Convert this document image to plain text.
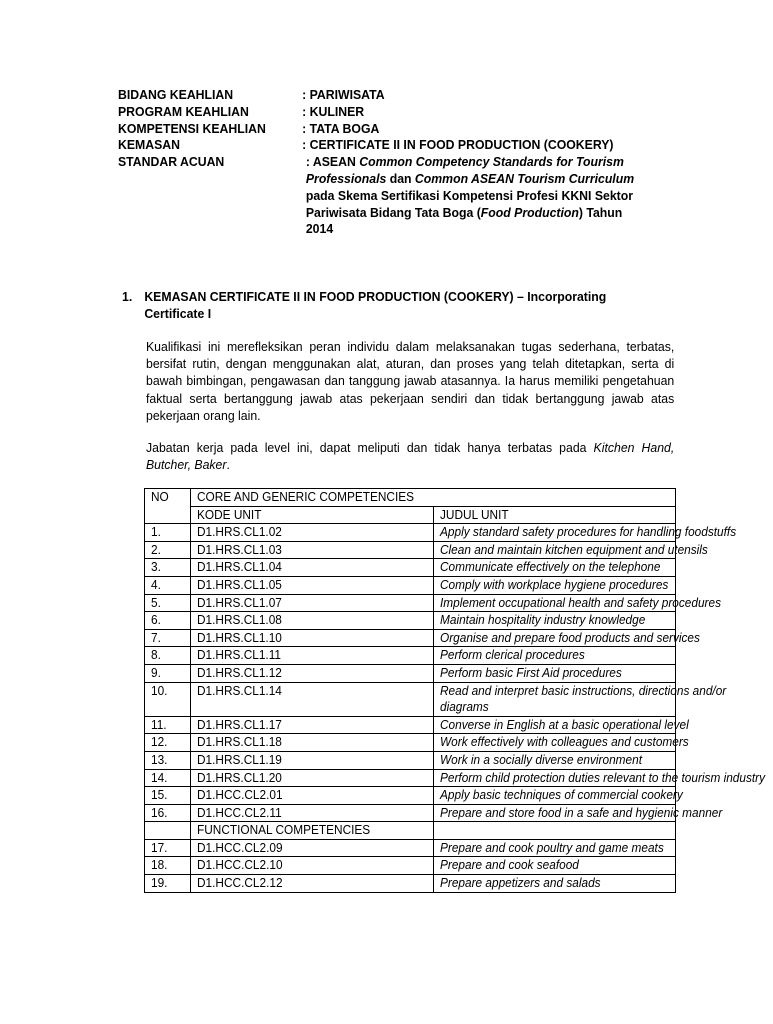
BIDANG KEAHLIAN	: PARIWISATA
PROGRAM KEAHLIAN	: KULINER
KOMPETENSI KEAHLIAN	: TATA BOGA
KEMASAN	: CERTIFICATE II IN FOOD PRODUCTION (COOKERY)
STANDAR ACUAN	: ASEAN Common Competency Standards for Tourism Professionals dan Common ASEAN Tourism Curriculum pada Skema Sertifikasi Kompetensi Profesi KKNI Sektor Pariwisata Bidang Tata Boga (Food Production) Tahun 2014
1. KEMASAN CERTIFICATE II IN FOOD PRODUCTION (COOKERY) – Incorporating Certificate I
Kualifikasi ini merefleksikan peran individu dalam melaksanakan tugas sederhana, terbatas, bersifat rutin, dengan menggunakan alat, aturan, dan proses yang telah ditetapkan, serta di bawah bimbingan, pengawasan dan tanggung jawab atasannya. Ia harus memiliki pengetahuan faktual serta bertanggung jawab atas pekerjaan sendiri dan tidak bertanggung jawab atas pekerjaan orang lain.
Jabatan kerja pada level ini, dapat meliputi dan tidak hanya terbatas pada Kitchen Hand, Butcher, Baker.
NO	CORE AND GENERIC COMPETENCIES	
	KODE UNIT	JUDUL UNIT
1.	D1.HRS.CL1.02	Apply standard safety procedures for handling foodstuffs

2.	D1.HRS.CL1.03	Clean and maintain kitchen equipment and utensils

3.	D1.HRS.CL1.04	Communicate effectively on the telephone

4.	D1.HRS.CL1.05	Comply with workplace hygiene procedures

5.	D1.HRS.CL1.07	Implement occupational health and safety procedures

6.	D1.HRS.CL1.08	Maintain hospitality industry knowledge

7.	D1.HRS.CL1.10	Organise and prepare food products and services

8.	D1.HRS.CL1.11	Perform clerical procedures

9.	D1.HRS.CL1.12	Perform basic First Aid procedures

10.	D1.HRS.CL1.14	Read and interpret basic instructions, directions and/or diagrams

11.	D1.HRS.CL1.17	Converse in English at a basic operational level

12.	D1.HRS.CL1.18	Work effectively with colleagues and customers

13.	D1.HRS.CL1.19	Work in a socially diverse environment

14.	D1.HRS.CL1.20	Perform child protection duties relevant to the tourism industry

15.	D1.HCC.CL2.01	Apply basic techniques of commercial cookery

16.	D1.HCC.CL2.11	Prepare and store food in a safe and hygienic manner

	FUNCTIONAL COMPETENCIES	

17.	D1.HCC.CL2.09	Prepare and cook poultry and game meats

18.	D1.HCC.CL2.10	Prepare and cook seafood

19.	D1.HCC.CL2.12	Prepare appetizers and salads
